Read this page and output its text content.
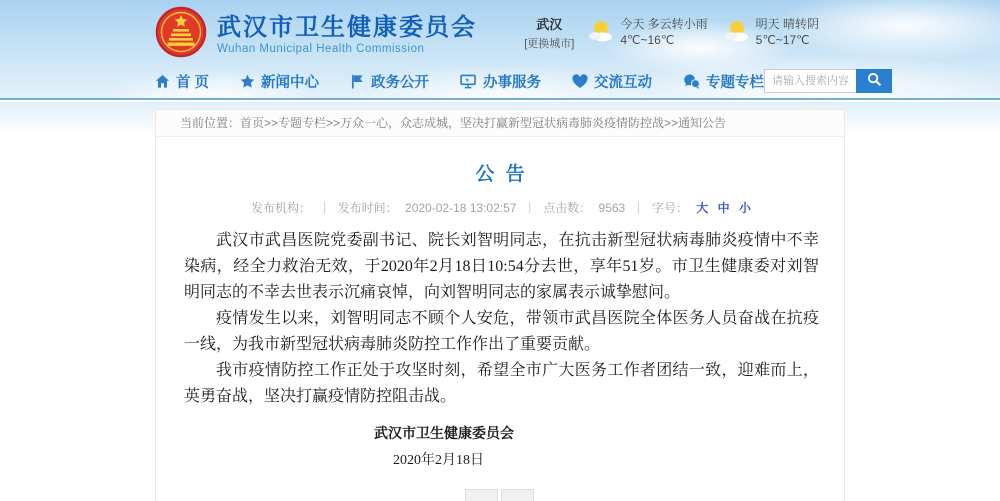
武汉市卫生健康委员会
Wuhan Municipal Health Commission
武汉
[更换城市]
今天 多云转小雨
4℃~16℃
明天 晴转阴
5℃~17℃
首 页	新闻中心	政务公开	办事服务	交流互动	专题专栏
请输入搜索内容
当前位置：首页>>专题专栏>>万众一心，众志成城，坚决打赢新型冠状病毒肺炎疫情防控战>>通知公告
公 告
发布机构： ｜ 发布时间： 2020-02-18 13:02:57 ｜ 点击数： 9563 ｜ 字号： 大 中 小

武汉市武昌医院党委副书记、院长刘智明同志，在抗击新型冠状病毒肺炎疫情中不幸染病，经全力救治无效，于2020年2月18日10:54分去世，享年51岁。市卫生健康委对刘智明同志的不幸去世表示沉痛哀悼，向刘智明同志的家属表示诚挚慰问。

疫情发生以来，刘智明同志不顾个人安危，带领市武昌医院全体医务人员奋战在抗疫一线，为我市新型冠状病毒肺炎防控工作作出了重要贡献。

我市疫情防控工作正处于攻坚时刻，希望全市广大医务工作者团结一致，迎难而上，英勇奋战，坚决打赢疫情防控阻击战。

武汉市卫生健康委员会
2020年2月18日
